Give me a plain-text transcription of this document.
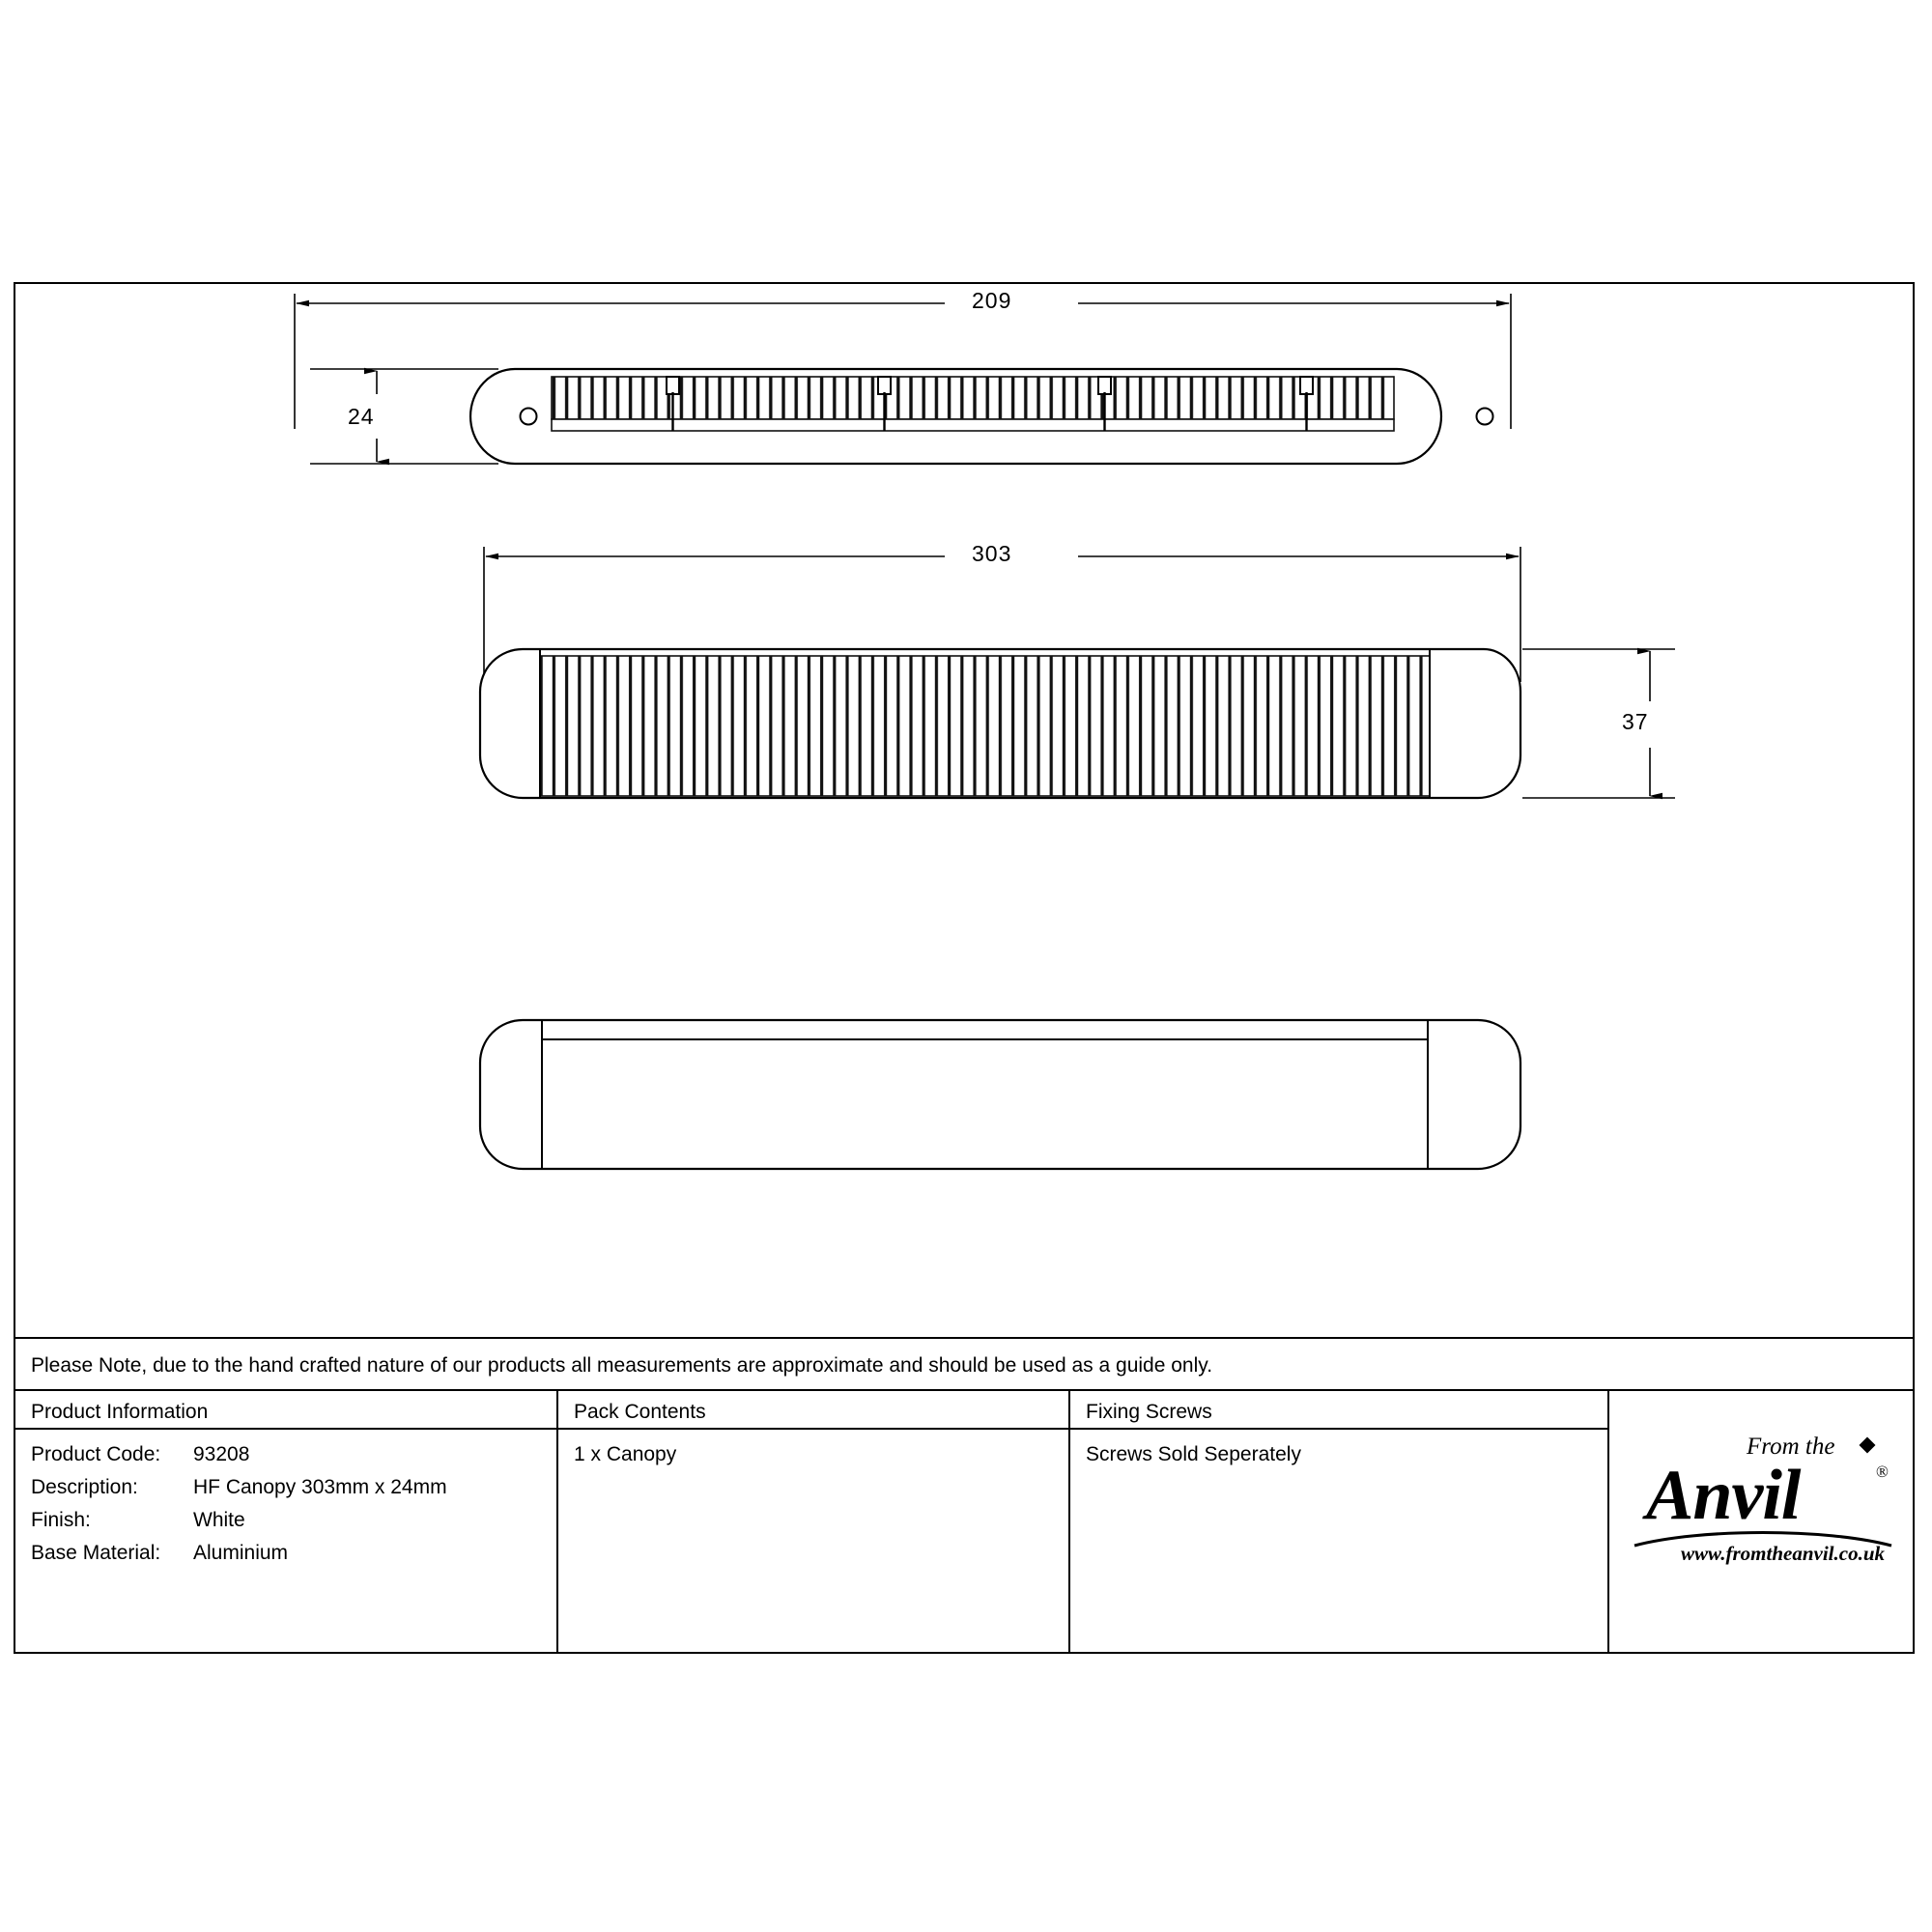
209
24
303
37
Please Note, due to the hand crafted nature of our products all measurements are approximate and should be used as a guide only.
Product Information
Product Code:	93208
Description:	HF Canopy 303mm x 24mm
Finish:	White
Base Material:	Aluminium
Pack Contents
1 x Canopy
Fixing Screws
Screws Sold Seperately	From the
Anvil	®
www.fromtheanvil.co.uk
